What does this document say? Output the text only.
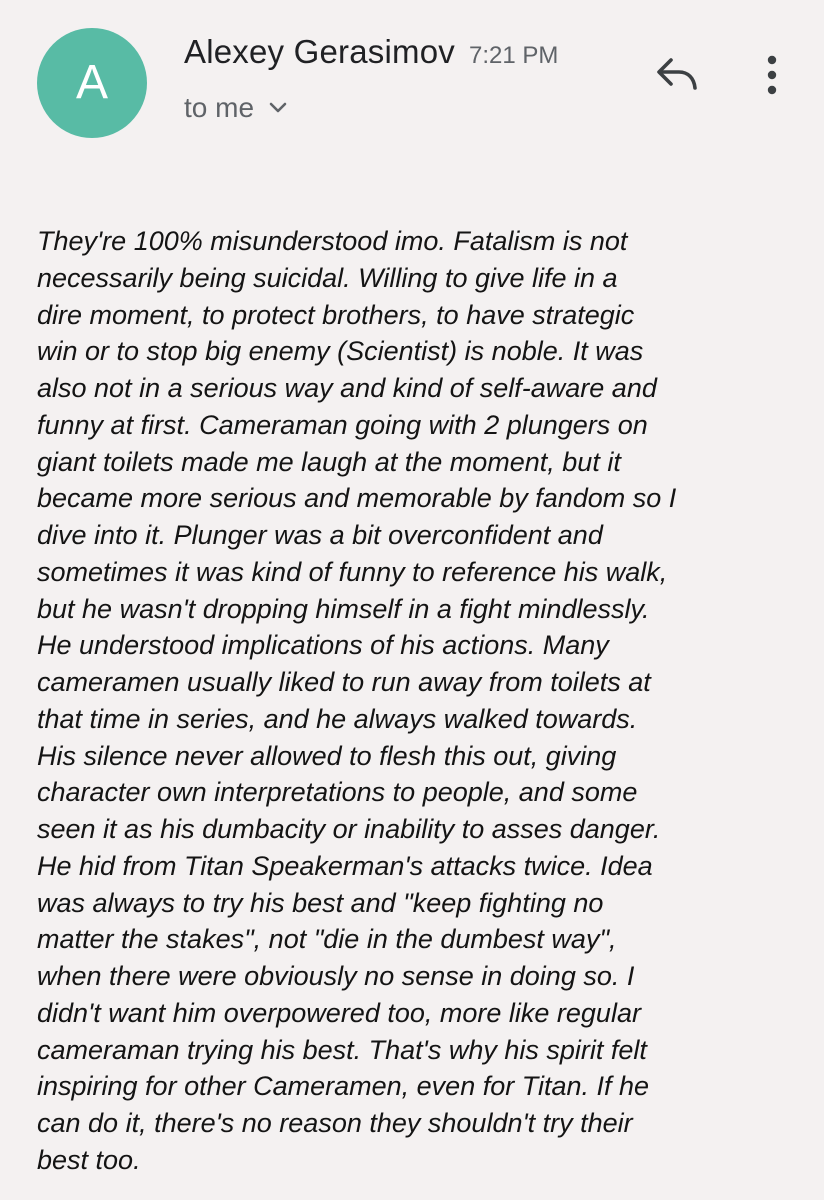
A
Alexey Gerasimov 7:21 PM
to me
They're 100% misunderstood imo. Fatalism is not
necessarily being suicidal. Willing to give life in a
dire moment, to protect brothers, to have strategic
win or to stop big enemy (Scientist) is noble. It was
also not in a serious way and kind of self-aware and
funny at first. Cameraman going with 2 plungers on
giant toilets made me laugh at the moment, but it
became more serious and memorable by fandom so I
dive into it. Plunger was a bit overconfident and
sometimes it was kind of funny to reference his walk,
but he wasn't dropping himself in a fight mindlessly.
He understood implications of his actions. Many
cameramen usually liked to run away from toilets at
that time in series, and he always walked towards.
His silence never allowed to flesh this out, giving
character own interpretations to people, and some
seen it as his dumbacity or inability to asses danger.
He hid from Titan Speakerman's attacks twice. Idea
was always to try his best and "keep fighting no
matter the stakes", not "die in the dumbest way",
when there were obviously no sense in doing so. I
didn't want him overpowered too, more like regular
cameraman trying his best. That's why his spirit felt
inspiring for other Cameramen, even for Titan. If he
can do it, there's no reason they shouldn't try their
best too.
